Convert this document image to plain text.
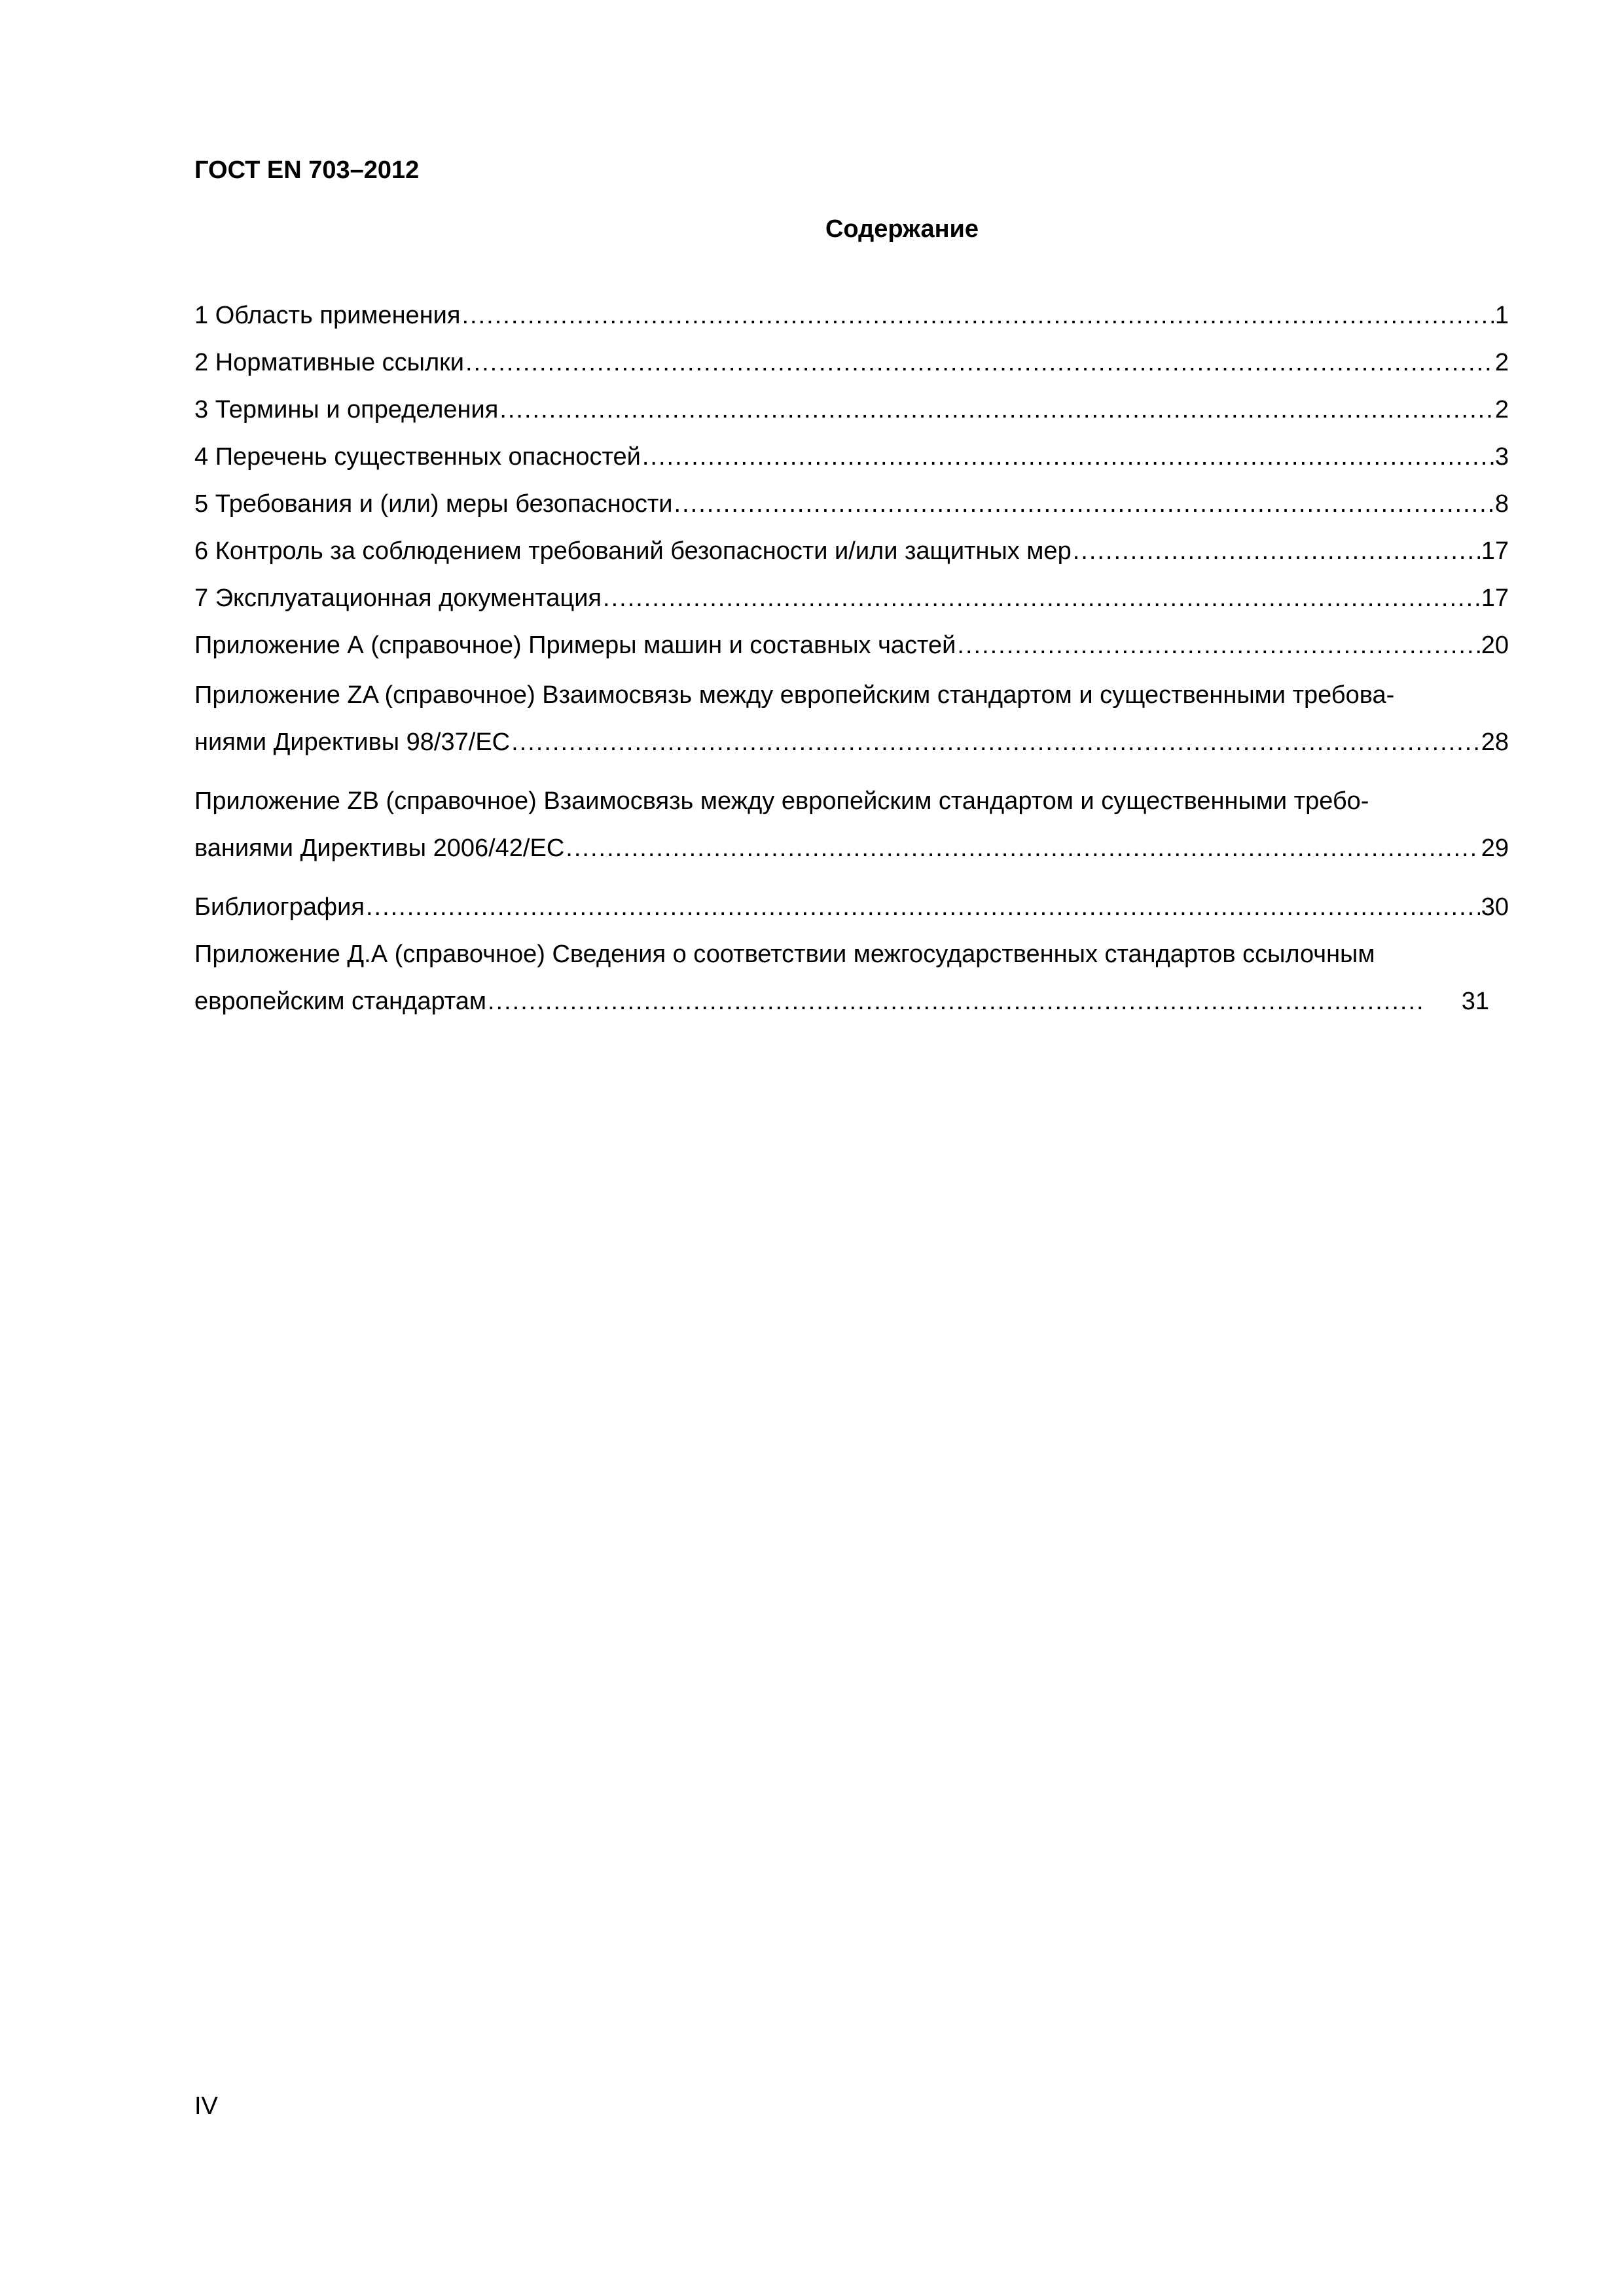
ГОСТ EN 703–2012
Содержание
1 Область применения .....	1
2 Нормативные ссылки .....	2
3 Термины и определения .....	2
4 Перечень существенных опасностей .....	3
5 Требования и (или) меры безопасности .....	8
6 Контроль за соблюдением требований безопасности и/или защитных мер .....	17
7 Эксплуатационная документация .....	17
Приложение А (справочное) Примеры машин и составных частей .....	20
Приложение ZA (справочное) Взаимосвязь между европейским стандартом и существенными требова-
ниями Директивы 98/37/ЕС .....	28
Приложение ZB (справочное) Взаимосвязь между европейским стандартом и существенными требо-
ваниями Директивы 2006/42/ЕС .....	29
Библиография .....	30
Приложение Д.А (справочное) Сведения о соответствии межгосударственных стандартов ссылочным
европейским стандартам .....	31
IV
